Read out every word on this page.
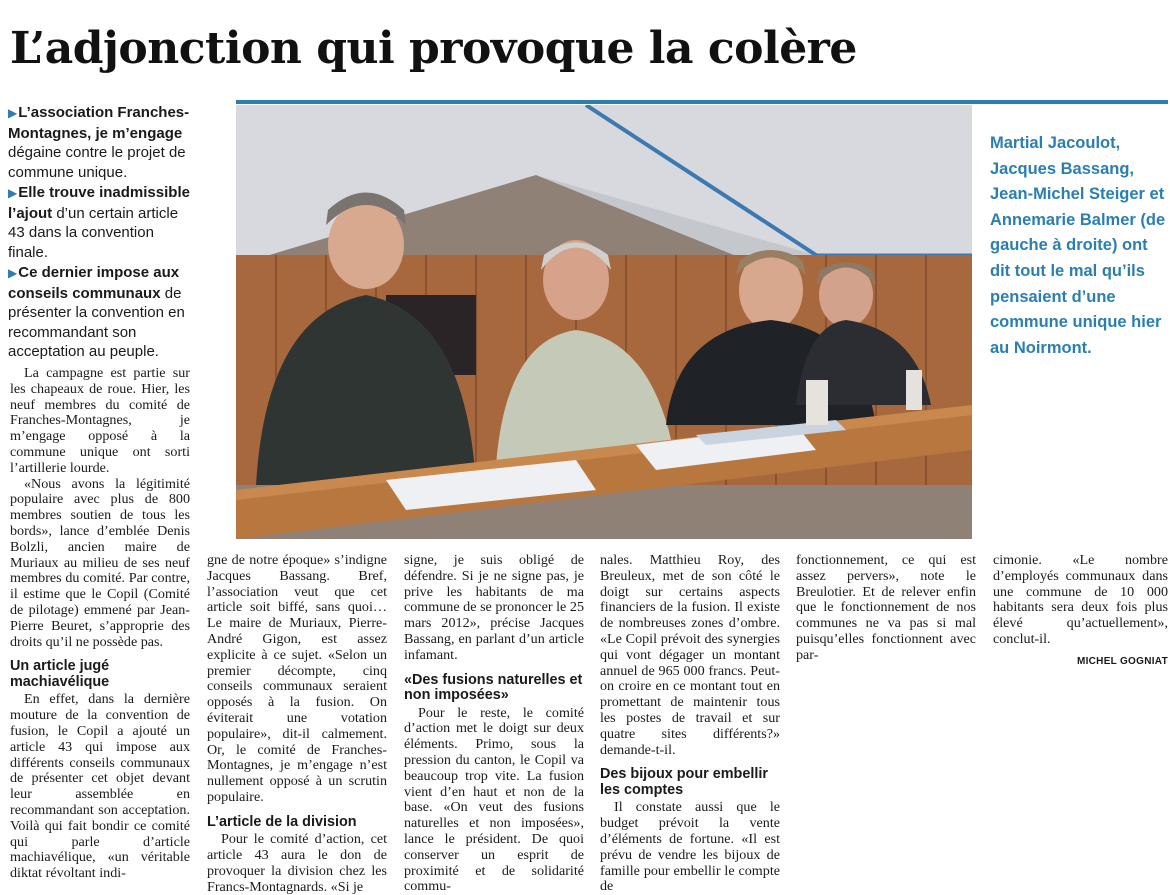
L’adjonction qui provoque la colère

▶L’association Franches-Montagnes, je m’engage dégaine contre le projet de commune unique.

▶Elle trouve inadmissible l’ajout d’un certain article 43 dans la convention finale.

▶Ce dernier impose aux conseils communaux de présenter la convention en recommandant son acceptation au peuple.

Martial Jacoulot, Jacques Bassang, Jean-Michel Steiger et Annemarie Balmer (de gauche à droite) ont dit tout le mal qu’ils pensaient d’une commune unique hier au Noirmont.

La campagne est partie sur les chapeaux de roue. Hier, les neuf membres du comité de Franches-Montagnes, je m’engage opposé à la commune unique ont sorti l’artillerie lourde.

«Nous avons la légitimité populaire avec plus de 800 membres soutien de tous les bords», lance d’emblée Denis Bolzli, ancien maire de Muriaux au milieu de ses neuf membres du comité. Par contre, il estime que le Copil (Comité de pilotage) emmené par Jean-Pierre Beuret, s’approprie des droits qu’il ne possède pas.

Un article jugé machiavélique

En effet, dans la dernière mouture de la convention de fusion, le Copil a ajouté un article 43 qui impose aux différents conseils communaux de présenter cet objet devant leur assemblée en recommandant son acceptation. Voilà qui fait bondir ce comité qui parle d’article machiavélique, «un véritable diktat révoltant indi-

gne de notre époque» s’indigne Jacques Bassang. Bref, l’association veut que cet article soit biffé, sans quoi… Le maire de Muriaux, Pierre-André Gigon, est assez explicite à ce sujet. «Selon un premier décompte, cinq conseils communaux seraient opposés à la fusion. On éviterait une votation populaire», dit-il calmement. Or, le comité de Franches-Montagnes, je m’engage n’est nullement opposé à un scrutin populaire.

L’article de la division

Pour le comité d’action, cet article 43 aura le don de provoquer la division chez les Francs-Montagnards. «Si je

signe, je suis obligé de défendre. Si je ne signe pas, je prive les habitants de ma commune de se prononcer le 25 mars 2012», précise Jacques Bassang, en parlant d’un article infamant.

«Des fusions naturelles et non imposées»

Pour le reste, le comité d’action met le doigt sur deux éléments. Primo, sous la pression du canton, le Copil va beaucoup trop vite. La fusion vient d’en haut et non de la base. «On veut des fusions naturelles et non imposées», lance le président. De quoi conserver un esprit de proximité et de solidarité commu-

nales. Matthieu Roy, des Breuleux, met de son côté le doigt sur certains aspects financiers de la fusion. Il existe de nombreuses zones d’ombre. «Le Copil prévoit des synergies qui vont dégager un montant annuel de 965 000 francs. Peut-on croire en ce montant tout en promettant de maintenir tous les postes de travail et sur quatre sites différents?» demande-t-il.

Des bijoux pour embellir les comptes

Il constate aussi que le budget prévoit la vente d’éléments de fortune. «Il est prévu de vendre les bijoux de famille pour embellir le compte de

fonctionnement, ce qui est assez pervers», note le Breulotier. Et de relever enfin que le fonctionnement de nos communes ne va pas si mal puisqu’elles fonctionnent avec par-

cimonie. «Le nombre d’employés communaux dans une commune de 10 000 habitants sera deux fois plus élevé qu’actuellement», conclut-il.

MICHEL GOGNIAT
